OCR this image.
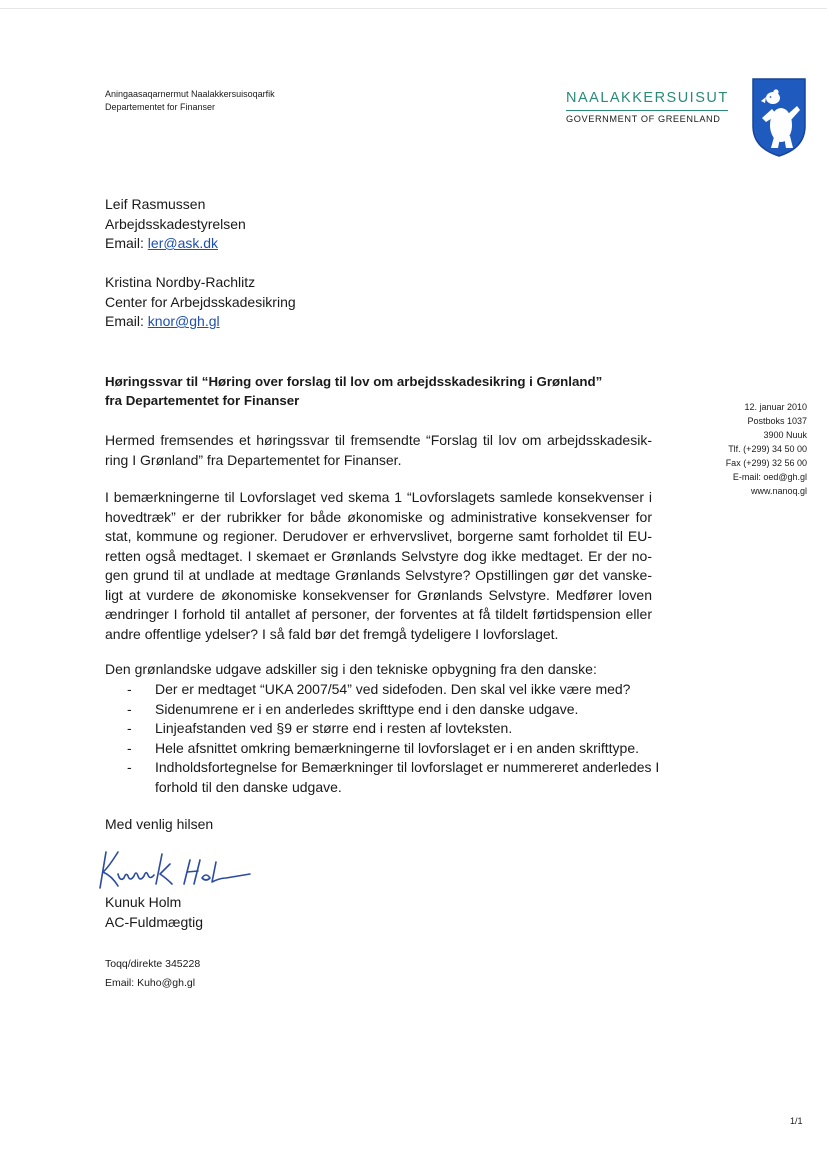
Aningaasaqarnermut Naalakkersuisoqarfik
Departementet for Finanser
NAALAKKERSUISUT
GOVERNMENT OF GREENLAND
Leif Rasmussen
Arbejdsskadestyrelsen
Email: ler@ask.dk
Kristina Nordby-Rachlitz
Center for Arbejdsskadesikring
Email: knor@gh.gl
Høringssvar til “Høring over forslag til lov om arbejdsskadesikring i Grønland”
fra Departementet for Finanser	12. januar 2010
Postboks 1037
3900 Nuuk
Tlf. (+299) 34 50 00
Fax (+299) 32 56 00
E-mail: oed@gh.gl
www.nanoq.gl

Hermed fremsendes et høringssvar til fremsendte “Forslag til lov om arbejdsskadesik-ring I Grønland” fra Departementet for Finanser.

I bemærkningerne til Lovforslaget ved skema 1 “Lovforslagets samlede konsekvenser i hovedtræk” er der rubrikker for både økonomiske og administrative konsekvenser for stat, kommune og regioner. Derudover er erhvervslivet, borgerne samt forholdet til EU-retten også medtaget. I skemaet er Grønlands Selvstyre dog ikke medtaget. Er der no-gen grund til at undlade at medtage Grønlands Selvstyre? Opstillingen gør det vanske-ligt at vurdere de økonomiske konsekvenser for Grønlands Selvstyre. Medfører loven ændringer I forhold til antallet af personer, der forventes at få tildelt førtidspension eller andre offentlige ydelser? I så fald bør det fremgå tydeligere I lovforslaget.

Den grønlandske udgave adskiller sig i den tekniske opbygning fra den danske:

- Der er medtaget “UKA 2007/54” ved sidefoden. Den skal vel ikke være med?
- Sidenumrene er i en anderledes skrifttype end i den danske udgave.
- Linjeafstanden ved §9 er større end i resten af lovteksten.
- Hele afsnittet omkring bemærkningerne til lovforslaget er i en anden skrifttype.
- Indholdsfortegnelse for Bemærkninger til lovforslaget er nummereret anderledes I forhold til den danske udgave.
Med venlig hilsen
Kunuk Holm
AC-Fuldmægtig
Toqq/direkte 345228
Email: Kuho@gh.gl
1/1
